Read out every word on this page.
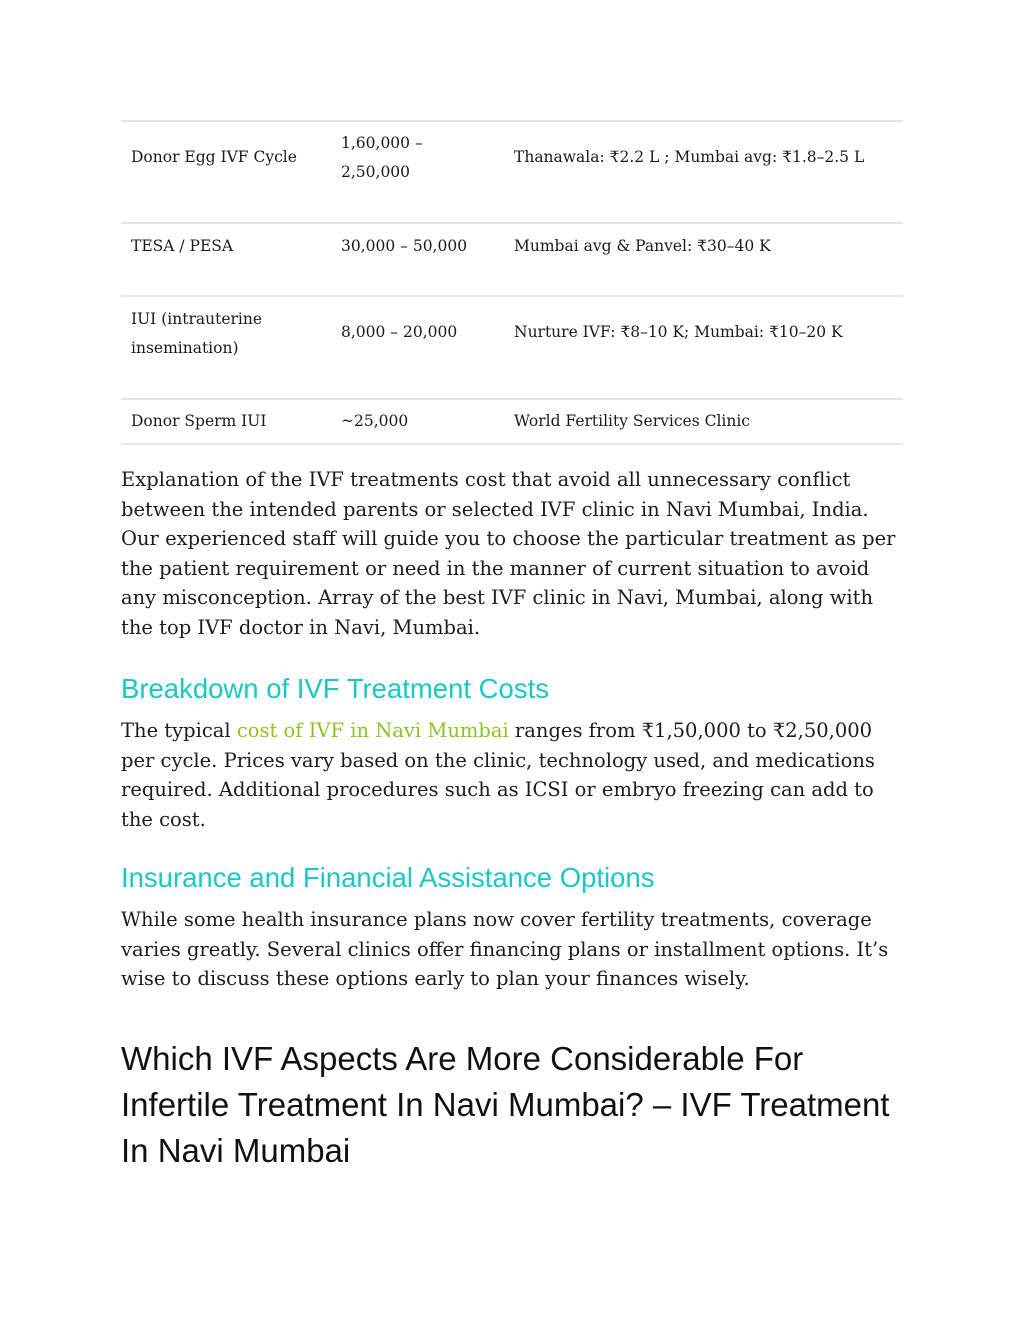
Donor Egg IVF Cycle	1,60,000 –
2,50,000	Thanawala: ₹2.2 L ; Mumbai avg: ₹1.8–2.5 L
TESA / PESA	30,000 – 50,000	Mumbai avg & Panvel: ₹30–40 K
IUI (intrauterine
insemination)	8,000 – 20,000	Nurture IVF: ₹8–10 K; Mumbai: ₹10–20 K
Donor Sperm IUI	~25,000	World Fertility Services Clinic

Explanation of the IVF treatments cost that avoid all unnecessary conflict between the intended parents or selected IVF clinic in Navi Mumbai, India. Our experienced staff will guide you to choose the particular treatment as per the patient requirement or need in the manner of current situation to avoid any misconception. Array of the best IVF clinic in Navi, Mumbai, along with the top IVF doctor in Navi, Mumbai.

Breakdown of IVF Treatment Costs

The typical cost of IVF in Navi Mumbai ranges from ₹1,50,000 to ₹2,50,000 per cycle. Prices vary based on the clinic, technology used, and medications required. Additional procedures such as ICSI or embryo freezing can add to the cost.

Insurance and Financial Assistance Options

While some health insurance plans now cover fertility treatments, coverage varies greatly. Several clinics offer financing plans or installment options. It’s wise to discuss these options early to plan your finances wisely.

Which IVF Aspects Are More Considerable For Infertile Treatment In Navi Mumbai? – IVF Treatment In Navi Mumbai
